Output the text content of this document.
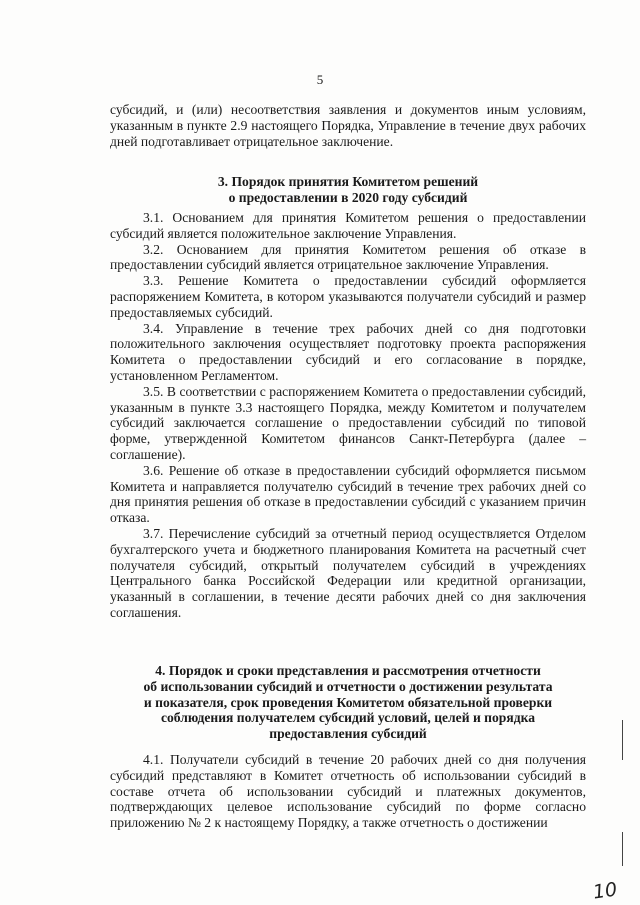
5

субсидий, и (или) несоответствия заявления и документов иным условиям, указанным в пункте 2.9 настоящего Порядка, Управление в течение двух рабочих дней подготавливает отрицательное заключение.

3. Порядок принятия Комитетом решений
о предоставлении в 2020 году субсидий

3.1. Основанием для принятия Комитетом решения о предоставлении субсидий является положительное заключение Управления.

3.2. Основанием для принятия Комитетом решения об отказе в предоставлении субсидий является отрицательное заключение Управления.

3.3. Решение Комитета о предоставлении субсидий оформляется распоряжением Комитета, в котором указываются получатели субсидий и размер предоставляемых субсидий.

3.4. Управление в течение трех рабочих дней со дня подготовки положительного заключения осуществляет подготовку проекта распоряжения Комитета о предоставлении субсидий и его согласование в порядке, установленном Регламентом.

3.5. В соответствии с распоряжением Комитета о предоставлении субсидий, указанным в пункте 3.3 настоящего Порядка, между Комитетом и получателем субсидий заключается соглашение о предоставлении субсидий по типовой форме, утвержденной Комитетом финансов Санкт-Петербурга (далее – соглашение).

3.6. Решение об отказе в предоставлении субсидий оформляется письмом Комитета и направляется получателю субсидий в течение трех рабочих дней со дня принятия решения об отказе в предоставлении субсидий с указанием причин отказа.

3.7. Перечисление субсидий за отчетный период осуществляется Отделом бухгалтерского учета и бюджетного планирования Комитета на расчетный счет получателя субсидий, открытый получателем субсидий в учреждениях Центрального банка Российской Федерации или кредитной организации, указанный в соглашении, в течение десяти рабочих дней со дня заключения соглашения.

4. Порядок и сроки представления и рассмотрения отчетности
об использовании субсидий и отчетности о достижении результата
и показателя, срок проведения Комитетом обязательной проверки
соблюдения получателем субсидий условий, целей и порядка
предоставления субсидий

4.1. Получатели субсидий в течение 20 рабочих дней со дня получения субсидий представляют в Комитет отчетность об использовании субсидий в составе отчета об использовании субсидий и платежных документов, подтверждающих целевое использование субсидий по форме согласно приложению № 2 к настоящему Порядку, а также отчетность о достижении

10
